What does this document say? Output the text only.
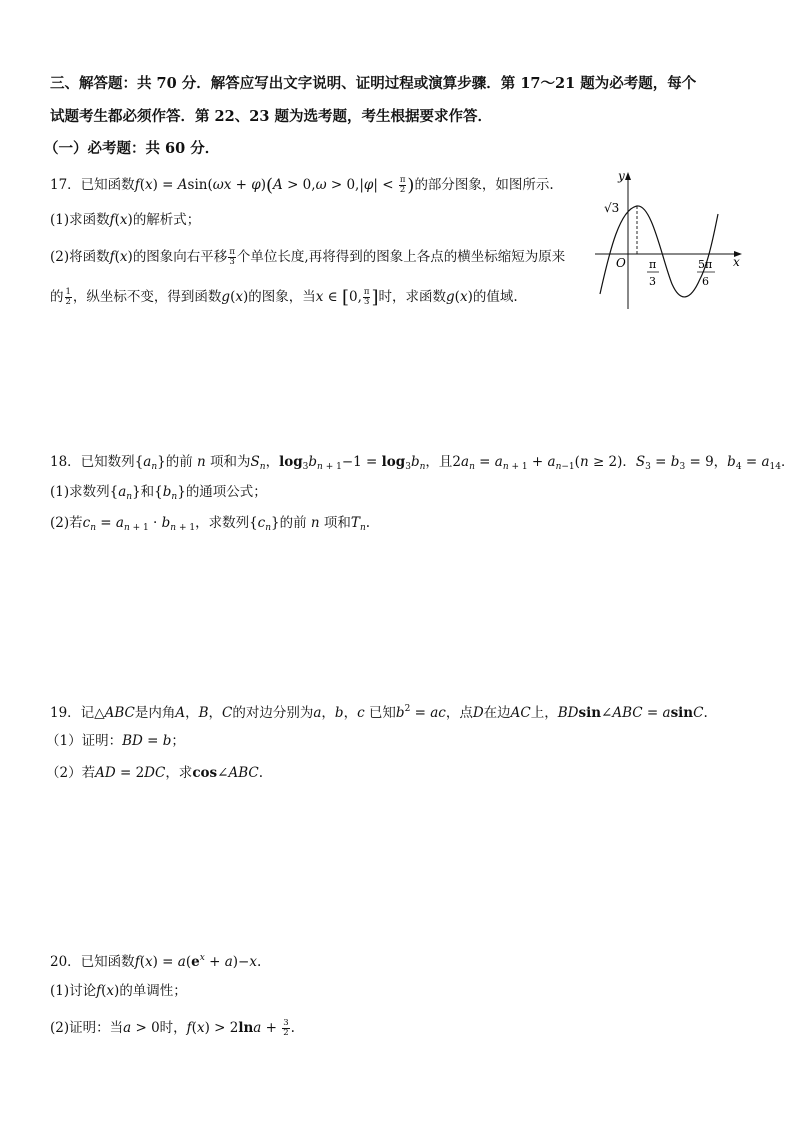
三、解答题：共 70 分．解答应写出文字说明、证明过程或演算步骤．第 17～21 题为必考题，每个
试题考生都必须作答．第 22、23 题为选考题，考生根据要求作答．
（一）必考题：共 60 分．
17．已知函数$f(x) = Asin(\omega x + \varphi)(A > 0,\omega > 0,|\varphi| < \frac{\pi}{2}$ )的部分图象，如图所示.
(1)求函数f(x)的解析式；
(2)将函数f(x)的图象向右平移 $\frac{\pi}{3}$ 个单位长度,再将得到的图象上各点的横坐标缩短为原来
的 $\frac{1}{2}$ ，纵坐标不变，得到函数g(x)的图象，当x ∈ [0, $\frac{\pi}{3}$ ]时，求函数g(x)的值域.
y
x
O
√3
π
3
5π
6
18．已知数列$\{a_n\}$的前 n 项和为$S_n$，$\log_3b_{n + 1}-1 = \log_3b_n$，且$2a_n = a_{n + 1} + a_{n-1}(n \ge 2)$．$S_3 = b_3 = 9$，$b_4 = a_{14}$．
(1)求数列$\{a_n\}$和$\{b_n\}$的通项公式；
(2)若$c_n = a_{n + 1} \cdot b_{n + 1}$，求数列$\{c_n\}$的前 n 项和$T_n$.
19．记△ABC是内角A，B，C的对边分别为a，b，c 已知$b^2$ = ac，点D在边AC上，BDsin∠ABC = asinC.
（1）证明：BD = b；
（2）若AD = 2DC，求cos∠ABC.
20．已知函数$f(x) = a(e^x + a)-x$.
(1)讨论f(x)的单调性；
(2)证明：当a > 0时，$f(x) > 2\ln a + \frac{3}{2}$ .
